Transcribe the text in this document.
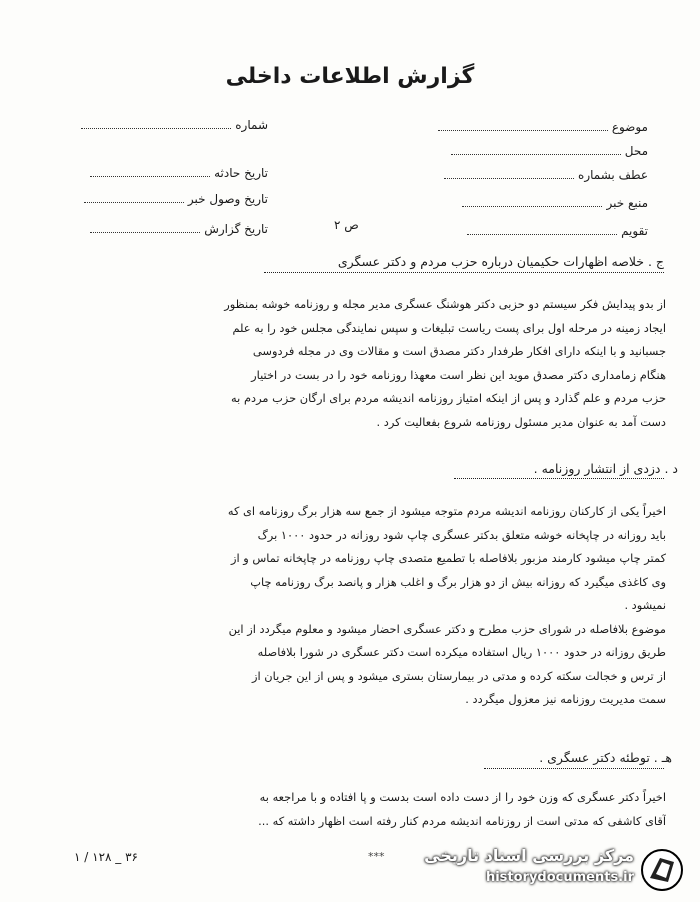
گزارش اطلاعات داخلی
موضوع
محل
عطف بشماره
منبع خبر
تقویم
شماره
تاریخ حادثه
تاریخ وصول خبر
تاریخ گزارش	ص ۲
ج . خلاصه اظهارات حکیمیان درباره حزب مردم و دکتر عسگری
از بدو پیدایش فکر سیستم دو حزبی دکتر هوشنگ عسگری مدیر مجله و روزنامه خوشه بمنظور
ایجاد زمینه در مرحله اول برای پست ریاست تبلیغات و سپس نمایندگی مجلس خود را به علم
جسبانید و با اینکه دارای افکار طرفدار دکتر مصدق است و مقالات وی در مجله فردوسی
هنگام زمامداری دکتر مصدق موید این نظر است معهذا روزنامه خود را در بست در اختیار
حزب مردم و علم گذارد و پس از اینکه امتیاز روزنامه اندیشه مردم برای ارگان حزب مردم به
دست آمد به عنوان مدیر مسئول روزنامه شروع بفعالیت کرد .
د . دزدی از انتشار روزنامه .
اخیراً یکی از کارکنان روزنامه اندیشه مردم متوجه میشود از جمع سه هزار برگ روزنامه ای که
باید روزانه در چاپخانه خوشه متعلق بدکتر عسگری چاپ شود روزانه در حدود ۱۰۰۰ برگ
کمتر چاپ میشود کارمند مزبور بلافاصله با تطمیع متصدی چاپ روزنامه در چاپخانه تماس و از
وی کاغذی میگیرد که روزانه بیش از دو هزار برگ و اغلب هزار و پانصد برگ روزنامه چاپ
نمیشود .
موضوع بلافاصله در شورای حزب مطرح و دکتر عسگری احضار میشود و معلوم میگردد از این
طریق روزانه در حدود ۱۰۰۰ ریال استفاده میکرده است دکتر عسگری در شورا بلافاصله
از ترس و خجالت سکته کرده و مدتی در بیمارستان بستری میشود و پس از این جریان از
سمت مدیریت روزنامه نیز معزول میگردد .
هـ . توطئه دکتر عسگری .
اخیراً دکتر عسگری که وزن خود را از دست داده است بدست و پا افتاده و با مراجعه به
آقای کاشفی که مدتی است از روزنامه اندیشه مردم کنار رفته است اظهار داشته که ...
۳۶ _ ۱۲۸ / ۱	*** مرکز بررسی اسناد تاریخی
historydocuments.ir
